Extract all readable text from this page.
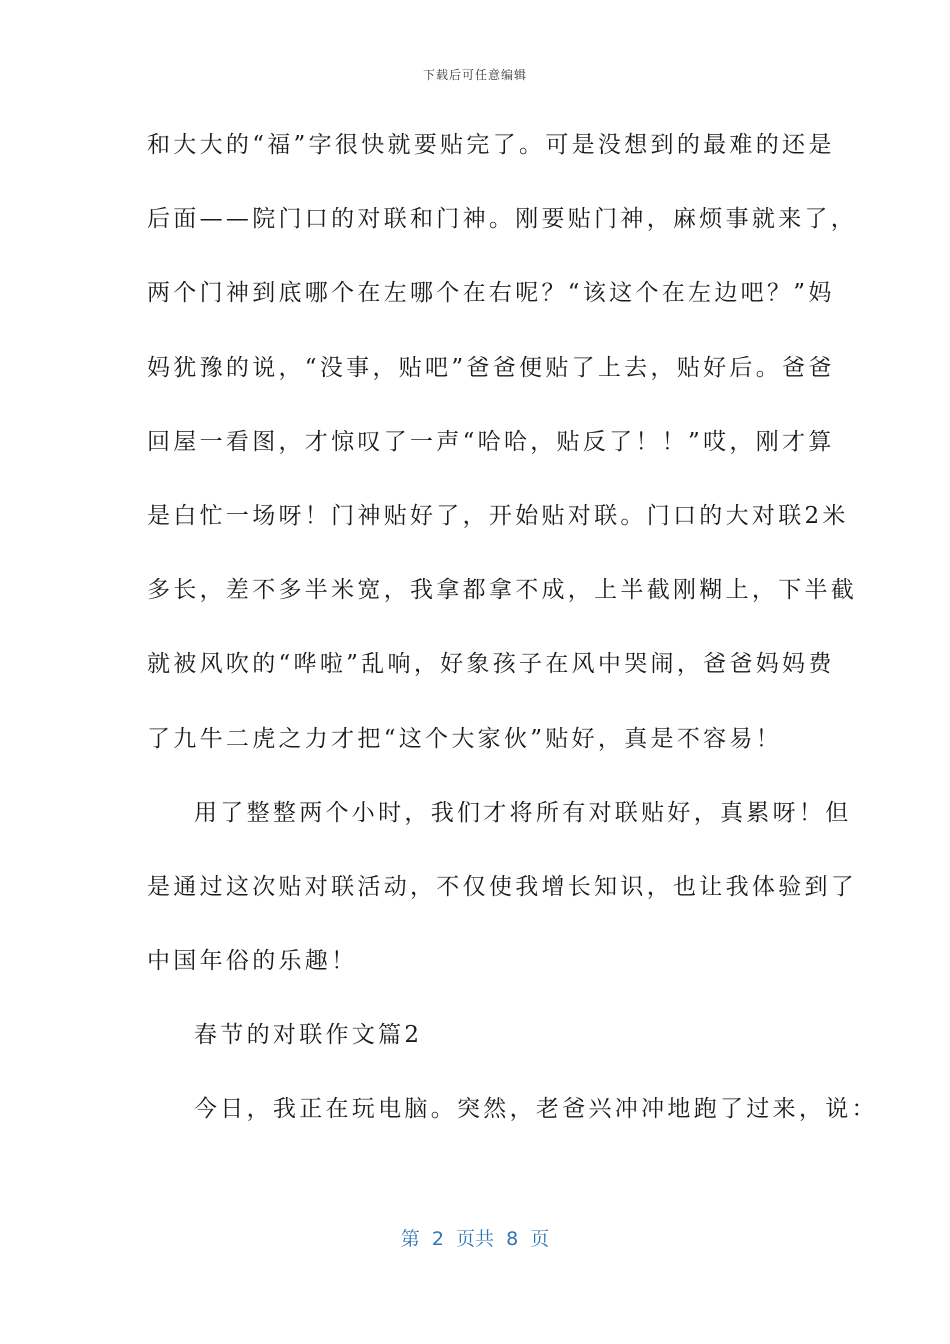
下载后可任意编辑
和大大的“福”字很快就要贴完了。可是没想到的最难的还是
后面——院门口的对联和门神。刚要贴门神，麻烦事就来了，
两个门神到底哪个在左哪个在右呢？“该这个在左边吧？”妈
妈犹豫的说，“没事，贴吧”爸爸便贴了上去，贴好后。爸爸
回屋一看图，才惊叹了一声“哈哈，贴反了！！”哎，刚才算
是白忙一场呀！门神贴好了，开始贴对联。门口的大对联2米
多长，差不多半米宽，我拿都拿不成，上半截刚糊上，下半截
就被风吹的“哗啦”乱响，好象孩子在风中哭闹，爸爸妈妈费
了九牛二虎之力才把“这个大家伙”贴好，真是不容易！
用了整整两个小时，我们才将所有对联贴好，真累呀！但
是通过这次贴对联活动，不仅使我增长知识，也让我体验到了
中国年俗的乐趣！
春节的对联作文篇2
今日，我正在玩电脑。突然，老爸兴冲冲地跑了过来，说：
第  2  页共  8  页
